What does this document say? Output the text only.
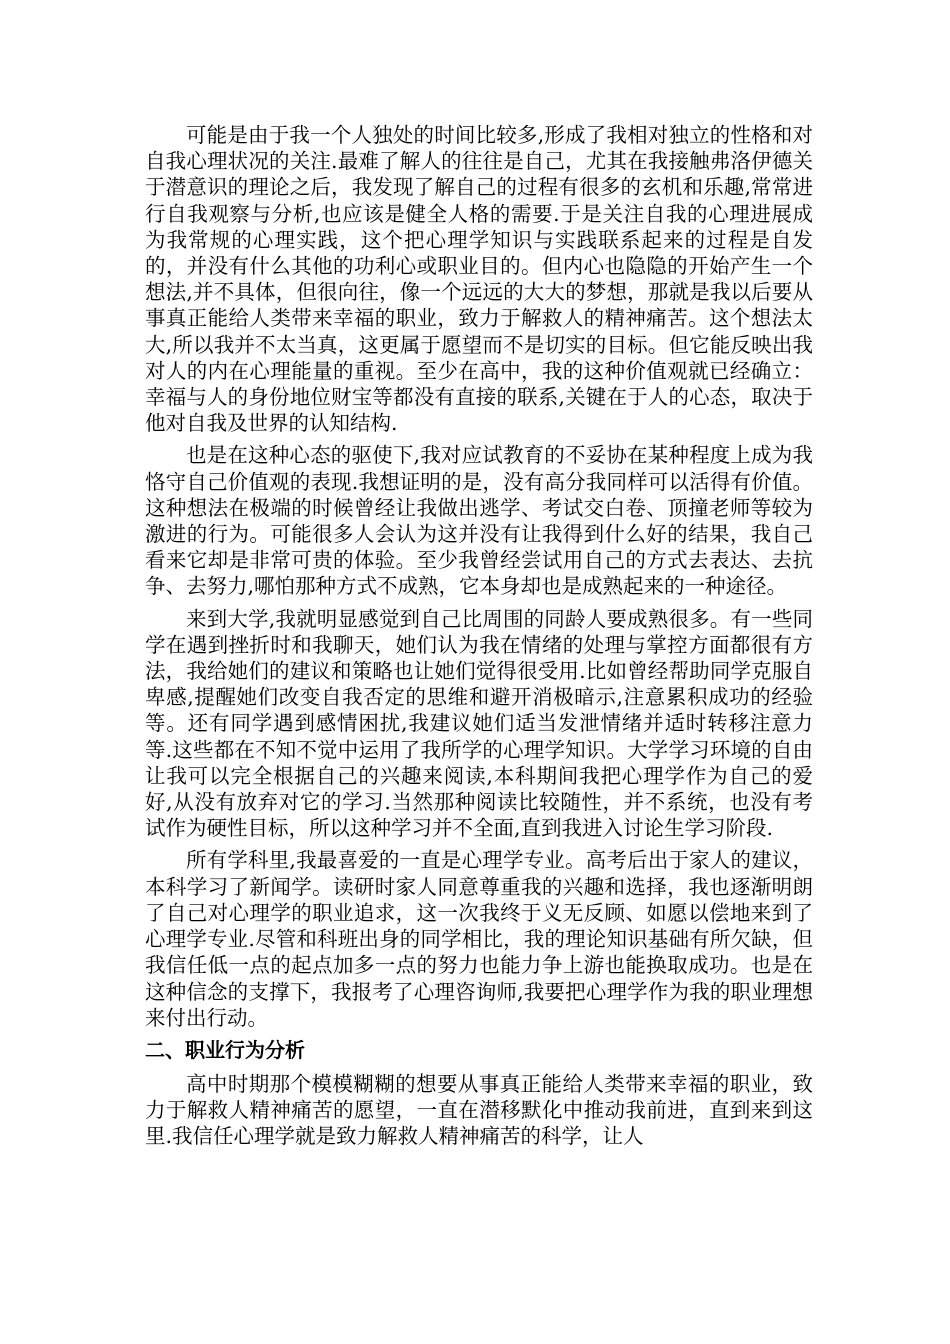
可能是由于我一个人独处的时间比较多,形成了我相对独立的性格和对自我心理状况的关注.最难了解人的往往是自己，尤其在我接触弗洛伊德关于潜意识的理论之后，我发现了解自己的过程有很多的玄机和乐趣,常常进行自我观察与分析,也应该是健全人格的需要.于是关注自我的心理进展成为我常规的心理实践，这个把心理学知识与实践联系起来的过程是自发的，并没有什么其他的功利心或职业目的。但内心也隐隐的开始产生一个想法,并不具体，但很向往，像一个远远的大大的梦想，那就是我以后要从事真正能给人类带来幸福的职业，致力于解救人的精神痛苦。这个想法太大,所以我并不太当真，这更属于愿望而不是切实的目标。但它能反映出我对人的内在心理能量的重视。至少在高中，我的这种价值观就已经确立：幸福与人的身份地位财宝等都没有直接的联系,关键在于人的心态，取决于他对自我及世界的认知结构.

也是在这种心态的驱使下,我对应试教育的不妥协在某种程度上成为我恪守自己价值观的表现.我想证明的是，没有高分我同样可以活得有价值。这种想法在极端的时候曾经让我做出逃学、考试交白卷、顶撞老师等较为激进的行为。可能很多人会认为这并没有让我得到什么好的结果，我自己看来它却是非常可贵的体验。至少我曾经尝试用自己的方式去表达、去抗争、去努力,哪怕那种方式不成熟，它本身却也是成熟起来的一种途径。

来到大学,我就明显感觉到自己比周围的同龄人要成熟很多。有一些同学在遇到挫折时和我聊天，她们认为我在情绪的处理与掌控方面都很有方法，我给她们的建议和策略也让她们觉得很受用.比如曾经帮助同学克服自卑感,提醒她们改变自我否定的思维和避开消极暗示,注意累积成功的经验等。还有同学遇到感情困扰,我建议她们适当发泄情绪并适时转移注意力等.这些都在不知不觉中运用了我所学的心理学知识。大学学习环境的自由让我可以完全根据自己的兴趣来阅读,本科期间我把心理学作为自己的爱好,从没有放弃对它的学习.当然那种阅读比较随性，并不系统，也没有考试作为硬性目标，所以这种学习并不全面,直到我进入讨论生学习阶段.

所有学科里,我最喜爱的一直是心理学专业。高考后出于家人的建议，本科学习了新闻学。读研时家人同意尊重我的兴趣和选择，我也逐渐明朗了自己对心理学的职业追求，这一次我终于义无反顾、如愿以偿地来到了心理学专业.尽管和科班出身的同学相比，我的理论知识基础有所欠缺，但我信任低一点的起点加多一点的努力也能力争上游也能换取成功。也是在这种信念的支撑下，我报考了心理咨询师,我要把心理学作为我的职业理想来付出行动。

二、职业行为分析

高中时期那个模模糊糊的想要从事真正能给人类带来幸福的职业，致力于解救人精神痛苦的愿望，一直在潜移默化中推动我前进，直到来到这里.我信任心理学就是致力解救人精神痛苦的科学，让人
